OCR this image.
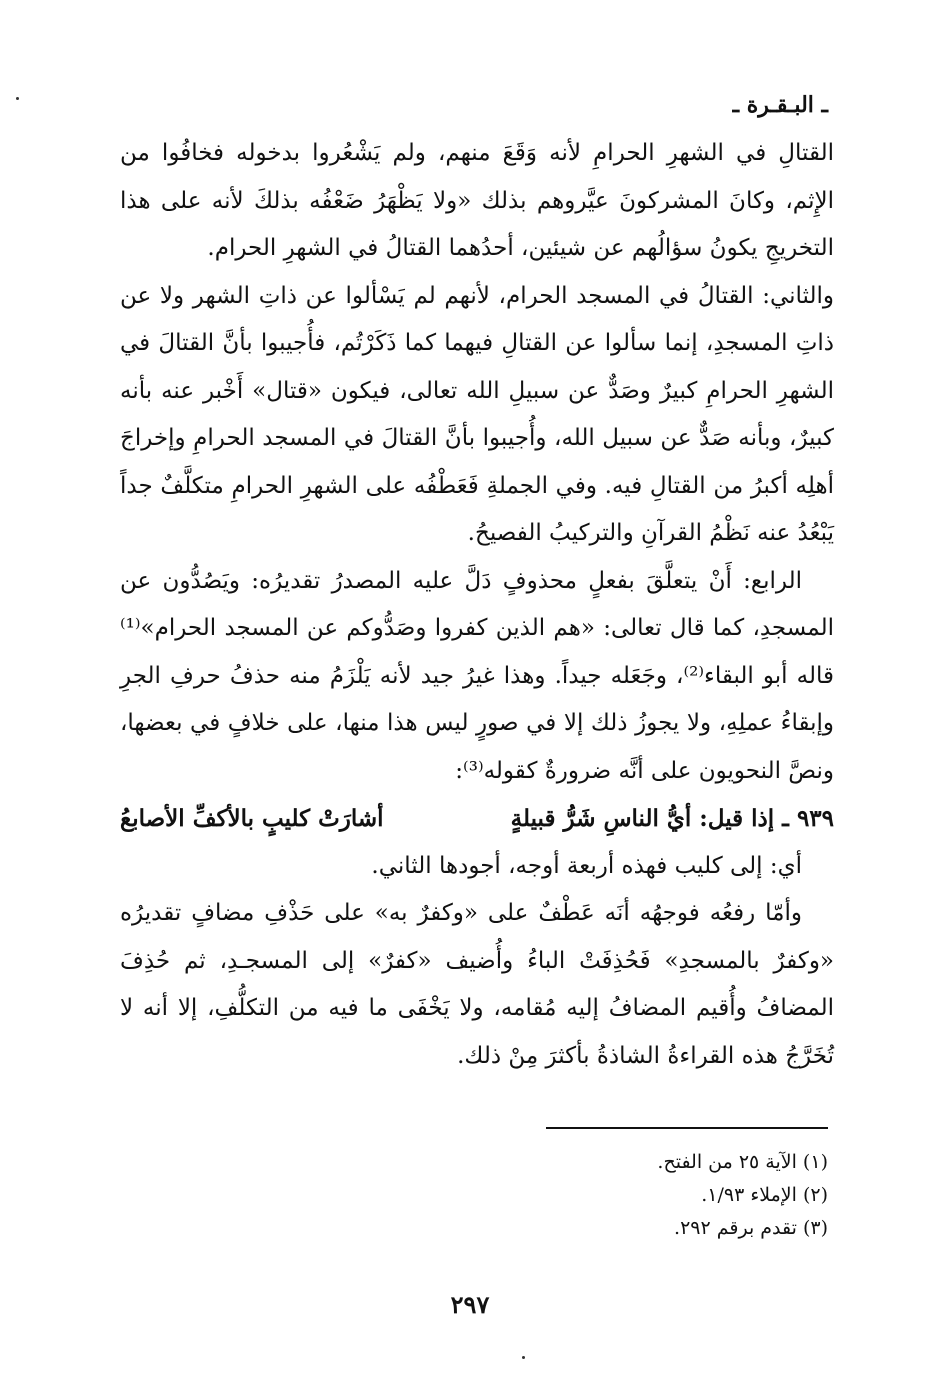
ـ البـقـرة ـ

القتالِ في الشهرِ الحرامِ لأنه وَقَعَ منهم، ولم يَشْعُروا بدخوله فخافُوا من الإِثم، وكانَ المشركونَ عيَّروهم بذلك «ولا يَظْهَرُ ضَعْفُه بذلكَ لأنه على هذا التخريجِ يكونُ سؤالُهم عن شيئين، أحدُهما القتالُ في الشهرِ الحرام.

والثاني: القتالُ في المسجد الحرام، لأنهم لم يَسْألوا عن ذاتِ الشهر ولا عن ذاتِ المسجدِ، إنما سألوا عن القتالِ فيهما كما ذَكَرْتُم، فأُجيبوا بأنَّ القتالَ في الشهرِ الحرامِ كبيرٌ وصَدٌّ عن سبيلِ الله تعالى، فيكون «قتال» أَخْبر عنه بأنه كبيرٌ، وبأنه صَدٌّ عن سبيل الله، وأُجيبوا بأنَّ القتالَ في المسجد الحرامِ وإخراجَ أهلِه أكبرُ من القتالِ فيه. وفي الجملةِ فَعَطْفُه على الشهرِ الحرامِ متكلَّفٌ جداً يَبْعُدُ عنه نَظْمُ القرآنِ والتركيبُ الفصيحُ.

الرابع: أَنْ يتعلَّقَ بفعلٍ محذوفٍ دَلَّ عليه المصدرُ تقديرُه: ويَصُدُّون عن المسجدِ، كما قال تعالى: «هم الذين كفروا وصَدُّوكم عن المسجد الحرام»⁽¹⁾ قاله أبو البقاء⁽²⁾، وجَعَله جيداً. وهذا غيرُ جيد لأنه يَلْزَمُ منه حذفُ حرفِ الجرِ وإبقاءُ عملِهِ، ولا يجوزُ ذلك إلا في صورٍ ليس هذا منها، على خلافٍ في بعضها، ونصَّ النحويون على أنَّه ضرورةٌ كقوله⁽³⁾:

٩٣٩ ـ إذا قيل: أيُّ الناسِ شَرُّ قبيلةٍ
أشارَتْ كليبٍ بالأكفِّ الأصابعُ

أي: إلى كليب فهذه أربعة أوجه، أجودها الثاني.

وأمّا رفعُه فوجهُه أنَه عَطْفٌ على «وكفرٌ به» على حَذْفِ مضافٍ تقديرُه «وكفرٌ بالمسجدِ» فَحُذِفَتْ الباءُ وأُضيف «كفرٌ» إلى المسجـدِ، ثم حُذِفَ المضافُ وأُقيم المضافُ إليه مُقامه، ولا يَخْفَى ما فيه من التكلُّفِ، إلا أنه لا تُخَرَّجُ هذه القراءةُ الشاذةُ بأكثرَ مِنْ ذلك.

(١) الآية ٢٥ من الفتح.
(٢) الإملاء ١/٩٣.
(٣) تقدم برقم ٢٩٢.
٢٩٧
